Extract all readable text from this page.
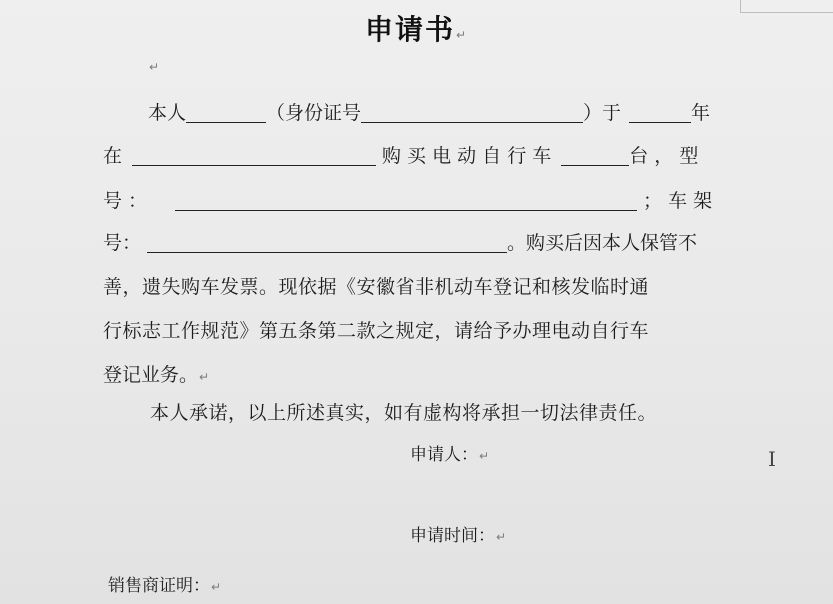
申请书↵
↵
本人	（身份证号	）于	年
在	购 买 电 动 自 行 车	台 ， 型
号 ：	； 车 架
号：	。购买后因本人保管不
善，遗失购车发票。现依据《安徽省非机动车登记和核发临时通
行标志工作规范》第五条第二款之规定，请给予办理电动自行车
登记业务。↵
本人承诺，以上所述真实，如有虚构将承担一切法律责任。
申请人：↵
申请时间：↵
销售商证明：↵
I
